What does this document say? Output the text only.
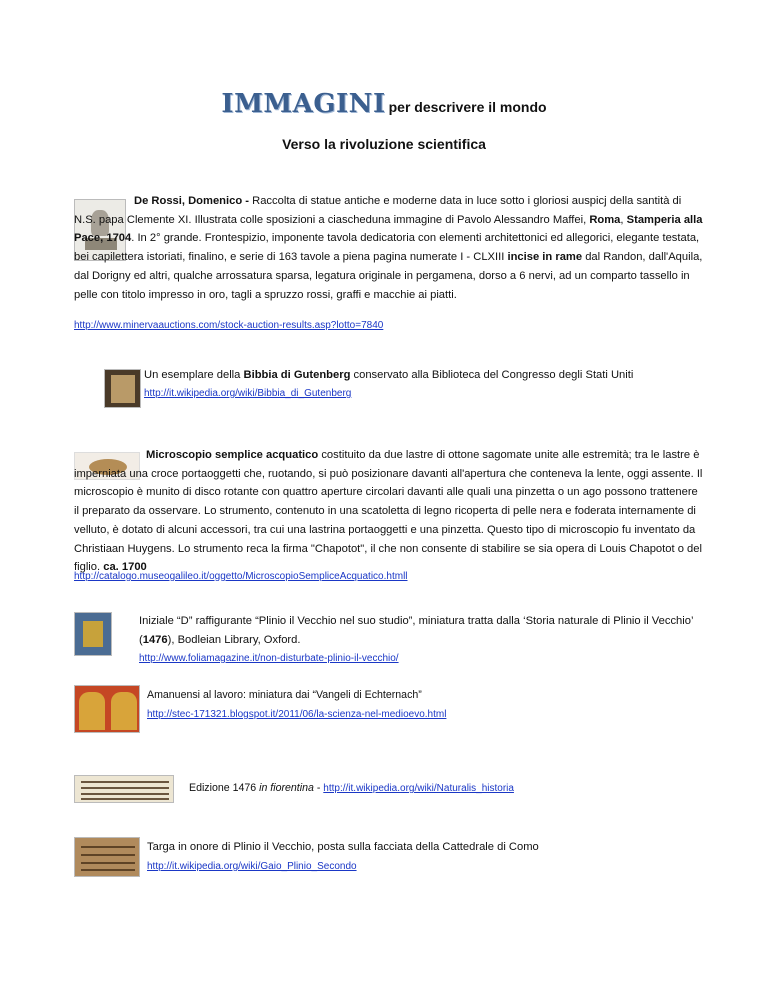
IMMAGINI per descrivere il mondo
Verso la rivoluzione scientifica
De Rossi, Domenico - Raccolta di statue antiche e moderne data in luce sotto i gloriosi auspicj della santità di N.S. papa Clemente XI. Illustrata colle sposizioni a ciascheduna immagine di Pavolo Alessandro Maffei, Roma, Stamperia alla Pace, 1704. In 2° grande. Frontespizio, imponente tavola dedicatoria con elementi architettonici ed allegorici, elegante testata, bei capilettera istoriati, finalino, e serie di 163 tavole a piena pagina numerate I - CLXIII incise in rame dal Randon, dall'Aquila, dal Dorigny ed altri, qualche arrossatura sparsa, legatura originale in pergamena, dorso a 6 nervi, ad un comparto tassello in pelle con titolo impresso in oro, tagli a spruzzo rossi, graffi e macchie ai piatti.
http://www.minervaauctions.com/stock-auction-results.asp?lotto=7840
Un esemplare della Bibbia di Gutenberg conservato alla Biblioteca del Congresso degli Stati Uniti
http://it.wikipedia.org/wiki/Bibbia_di_Gutenberg
Microscopio semplice acquatico costituito da due lastre di ottone sagomate unite alle estremità; tra le lastre è imperniata una croce portaoggetti che, ruotando, si può posizionare davanti all'apertura che conteneva la lente, oggi assente. Il microscopio è munito di disco rotante con quattro aperture circolari davanti alle quali una pinzetta o un ago possono trattenere il preparato da osservare. Lo strumento, contenuto in una scatoletta di legno ricoperta di pelle nera e foderata internamente di velluto, è dotato di alcuni accessori, tra cui una lastrina portaoggetti e una pinzetta. Questo tipo di microscopio fu inventato da Christiaan Huygens. Lo strumento reca la firma "Chapotot", il che non consente di stabilire se sia opera di Louis Chapotot o del figlio. ca. 1700
http://catalogo.museogalileo.it/oggetto/MicroscopioSempliceAcquatico.htmll
Iniziale “D” raffigurante “Plinio il Vecchio nel suo studio”, miniatura tratta dalla ‘Storia naturale di Plinio il Vecchio’ (1476), Bodleian Library, Oxford.
http://www.foliamagazine.it/non-disturbate-plinio-il-vecchio/
Amanuensi al lavoro: miniatura dai “Vangeli di Echternach”
http://stec-171321.blogspot.it/2011/06/la-scienza-nel-medioevo.html
Edizione 1476 in fiorentina - http://it.wikipedia.org/wiki/Naturalis_historia
Targa in onore di Plinio il Vecchio, posta sulla facciata della Cattedrale di Como
http://it.wikipedia.org/wiki/Gaio_Plinio_Secondo
